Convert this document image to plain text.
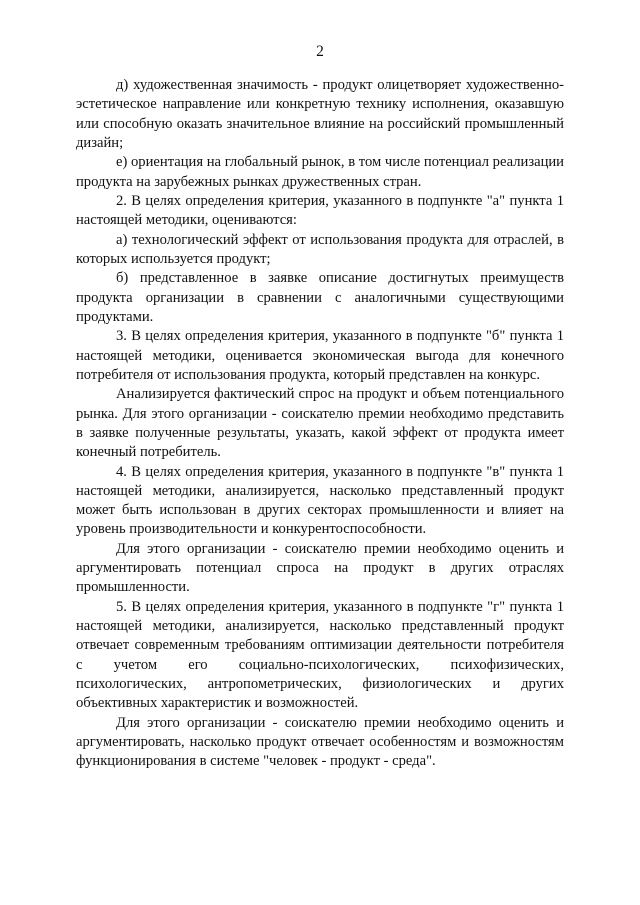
2

д) художественная значимость - продукт олицетворяет художественно-эстетическое направление или конкретную технику исполнения, оказавшую или способную оказать значительное влияние на российский промышленный дизайн;

е) ориентация на глобальный рынок, в том числе потенциал реализации продукта на зарубежных рынках дружественных стран.

2. В целях определения критерия, указанного в подпункте "а" пункта 1 настоящей методики, оцениваются:

а) технологический эффект от использования продукта для отраслей, в которых используется продукт;

б) представленное в заявке описание достигнутых преимуществ продукта организации в сравнении с аналогичными существующими продуктами.

3. В целях определения критерия, указанного в подпункте "б" пункта 1 настоящей методики, оценивается экономическая выгода для конечного потребителя от использования продукта, который представлен на конкурс.

Анализируется фактический спрос на продукт и объем потенциального рынка. Для этого организации - соискателю премии необходимо представить в заявке полученные результаты, указать, какой эффект от продукта имеет конечный потребитель.

4. В целях определения критерия, указанного в подпункте "в" пункта 1 настоящей методики, анализируется, насколько представленный продукт может быть использован в других секторах промышленности и влияет на уровень производительности и конкурентоспособности.

Для этого организации - соискателю премии необходимо оценить и аргументировать потенциал спроса на продукт в других отраслях промышленности.

5. В целях определения критерия, указанного в подпункте "г" пункта 1 настоящей методики, анализируется, насколько представленный продукт отвечает современным требованиям оптимизации деятельности потребителя с учетом его социально-психологических, психофизических, психологических, антропометрических, физиологических и других объективных характеристик и возможностей.

Для этого организации - соискателю премии необходимо оценить и аргументировать, насколько продукт отвечает особенностям и возможностям функционирования в системе "человек - продукт - среда".
